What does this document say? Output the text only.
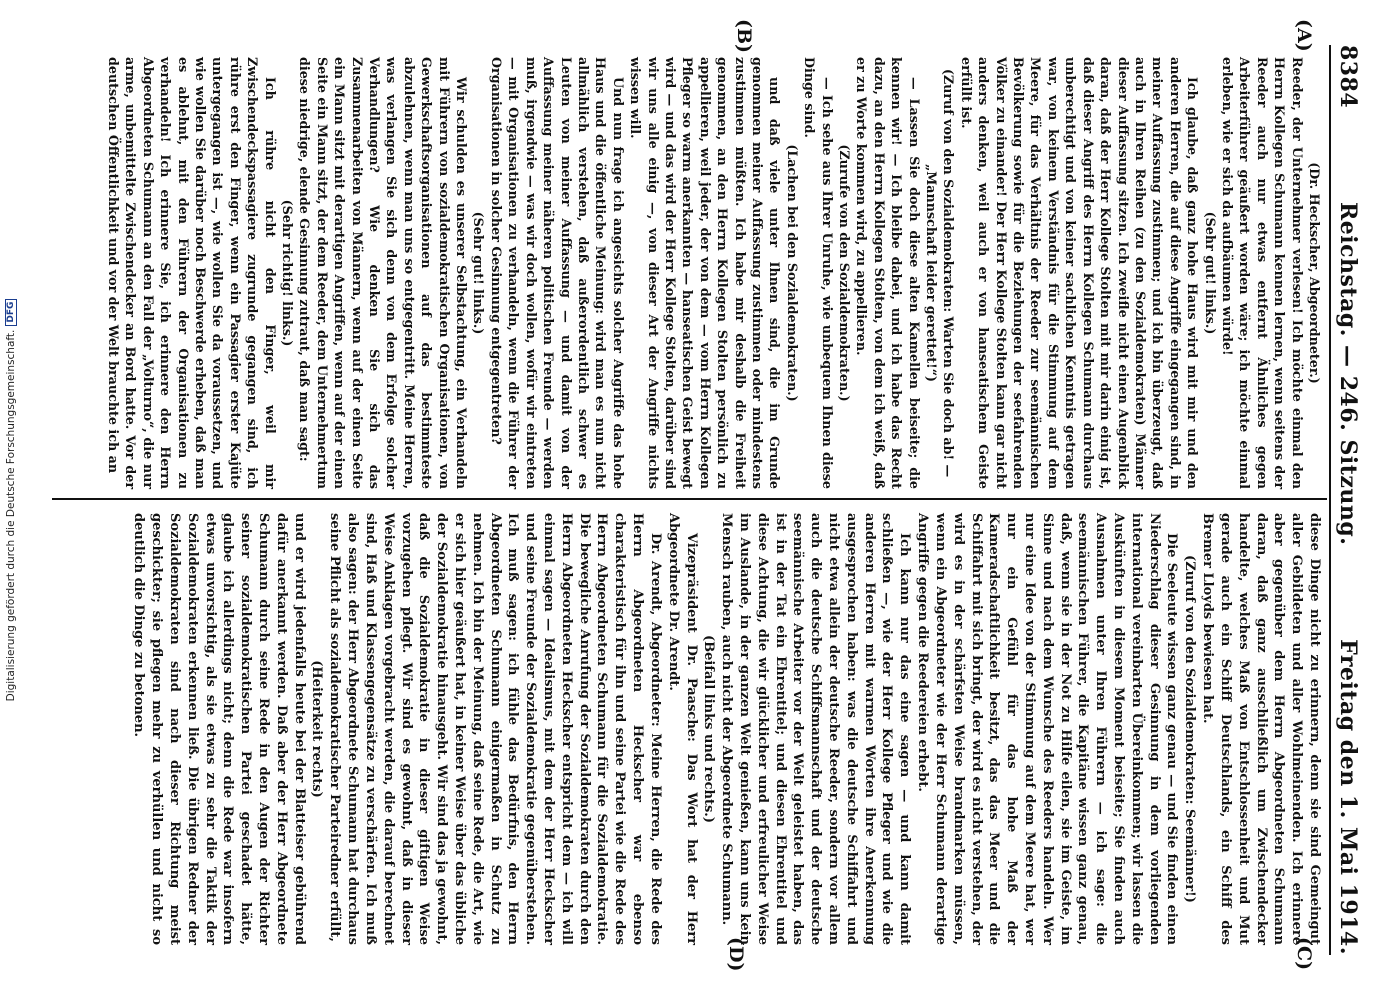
8384
Reichstag. — 246. Sitzung.
Freitag den 1. Mai 1914.
(A)
(B)
(C)
(D)

(Dr. Heckscher, Abgeordneter.)

Reeder, der Unternehmer verlesen! Ich möchte einmal den Herrn Kollegen Schumann kennen lernen, wenn seitens der Reeder auch nur etwas entfernt Ähnliches gegen Arbeiterführer geäußert worden wäre; ich möchte einmal erleben, wie er sich da aufbäumen würde!

(Sehr gut! links.)

Ich glaube, daß ganz hohe Haus wird mit mir und den anderen Herren, die auf diese Angriffe eingegangen sind, in meiner Auffassung zustimmen; und ich bin überzeugt, daß auch in Ihren Reihen (zu den Sozialdemokraten) Männer dieser Auffassung sitzen. Ich zweifle nicht einen Augenblick daran, daß der Herr Kollege Stolten mit mir darin einig ist, daß dieser Angriff des Herrn Kollegen Schumann durchaus unberechtigt und von keiner sachlichen Kenntnis getragen war, von keinem Verständnis für die Stimmung auf dem Meere, für das Verhältnis der Reeder zur seemännischen Bevölkerung sowie für die Beziehungen der seefahrenden Völker zu einander! Der Herr Kollege Stolten kann gar nicht anders denken, weil auch er von hanseatischem Geiste erfüllt ist.

(Zuruf von den Sozialdemokraten: Warten Sie doch ab! — „Mannschaft leider gerettet!“)

— Lassen Sie doch diese alten Kamellen beiseite; die kennen wir! — Ich bleibe dabei, und ich habe das Recht dazu, an den Herrn Kollegen Stolten, von dem ich weiß, daß er zu Worte kommen wird, zu appellieren.

(Zurufe von den Sozialdemokraten.)

— Ich sehe aus Ihrer Unruhe, wie unbequem Ihnen diese Dinge sind.

(Lachen bei den Sozialdemokraten.)

und daß viele unter Ihnen sind, die im Grunde genommen meiner Auffassung zustimmen oder mindestens zustimmen müßten. Ich habe mir deshalb die Freiheit genommen, an den Herrn Kollegen Stolten persönlich zu appellieren, weil jeder, der von dem — vom Herrn Kollegen Pfleger so warm anerkannten — hanseatischen Geist bewegt wird — und das wird der Herr Kollege Stolten, darüber sind wir uns alle einig —, von dieser Art der Angriffe nichts wissen will.

Und nun frage ich angesichts solcher Angriffe das hohe Haus und die öffentliche Meinung: wird man es nun nicht allmählich verstehen, daß außerordentlich schwer es Leuten von meiner Auffassung — und damit von der Auffassung meiner näheren politischen Freunde — werden muß, irgendwie — was wir doch wollen, wofür wir eintreten — mit Organisationen zu verhandeln, wenn die Führer der Organisationen in solcher Gesinnung entgegentreten?

(Sehr gut! links.)

Wir schulden es unserer Selbstachtung, ein Verhandeln mit Führern von sozialdemokratischen Organisationen, von Gewerkschaftsorganisationen auf das bestimmteste abzulehnen, wenn man uns so entgegentritt. Meine Herren, was verlangen Sie sich denn von dem Erfolge solcher Verhandlungen? Wie denken Sie sich das Zusammenarbeiten von Männern, wenn auf der einen Seite ein Mann sitzt mit derartigen Angriffen, wenn auf der einen Seite ein Mann sitzt, der dem Reeder, dem Unternehmertum diese niedrige, elende Gesinnung zutraut, daß man sagt:

(Sehr richtig! links.)

Ich rühre nicht den Finger, weil mir Zwischendeckspassagiere zugrunde gegangen sind, ich rühre erst den Finger, wenn ein Passagier erster Kajüte untergegangen ist —, wie wollen Sie da voraussetzen, und wie wollen Sie darüber noch Beschwerde erheben, daß man es ablehnt, mit den Führern der Organisationen zu verhandeln! Ich erinnere Sie, ich erinnere den Herrn Abgeordneten Schumann an den Fall der „Volturno“, die nur arme, unbemittelte Zwischendecker an Bord hatte. Vor der deutschen Öffentlichkeit und vor der Welt brauchte ich an

diese Dinge nicht zu erinnern, denn sie sind Gemeingut aller Gebildeten und aller Wohlmeinenden. Ich erinnere aber gegenüber dem Herrn Abgeordneten Schumann daran, daß ganz ausschließlich um Zwischendecker handelte, welches Maß von Entschlossenheit und Mut gerade auch ein Schiff Deutschlands, ein Schiff des Bremer Lloyds bewiesen hat.

(Zuruf von den Sozialdemokraten: Seemänner!)

Die Seeleute wissen ganz genau — und Sie finden einen Niederschlag dieser Gesinnung in dem vorliegenden international vereinbarten Übereinkommen; wir lassen die Auskünften in diesem Moment beiseite; Sie finden auch Ausnahmen unter Ihren Führern — ich sage: die seemännischen Führer, die Kapitäne wissen ganz genau, daß, wenn sie in der Not zu Hilfe eilen, sie im Geiste, im Sinne und nach dem Wunsche des Reeders handeln. Wer nur eine Idee von der Stimmung auf dem Meere hat, wer nur ein Gefühl für das hohe Maß der Kameradschaftlichkeit besitzt, das das Meer und die Schiffahrt mit sich bringt, der wird es nicht verstehen, der wird es in der schärfsten Weise brandmarken müssen, wenn ein Abgeordneter wie der Herr Schumann derartige Angriffe gegen die Reedereien erhebt.

Ich kann nur das eine sagen — und kann damit schließen —, wie der Herr Kollege Pfleger und wie die anderen Herren mit warmen Worten ihre Anerkennung ausgesprochen haben: was die deutsche Schiffahrt und nicht etwa allein der deutsche Reeder, sondern vor allem auch die deutsche Schiffsmannschaft und der deutsche seemännische Arbeiter vor der Welt geleistet haben, das ist in der Tat ein Ehrentitel; und diesen Ehrentitel und diese Achtung, die wir glücklicher und erfreulicher Weise im Auslande, in der ganzen Welt genießen, kann uns kein Mensch rauben, auch nicht der Abgeordnete Schumann.

(Beifall links und rechts.)

Vizepräsident Dr. Paasche: Das Wort hat der Herr Abgeordnete Dr. Arendt.

Dr. Arendt, Abgeordneter: Meine Herren, die Rede des Herrn Abgeordneten Heckscher war ebenso charakteristisch für ihn und seine Partei wie die Rede des Herrn Abgeordneten Schumann für die Sozialdemokratie. Die bewegliche Anrufung der Sozialdemokraten durch den Herrn Abgeordneten Heckscher entspricht dem — ich will einmal sagen — Idealismus, mit dem der Herr Heckscher und seine Freunde der Sozialdemokratie gegenüberstehen. Ich muß sagen: ich fühle das Bedürfnis, den Herrn Abgeordneten Schumann einigermaßen in Schutz zu nehmen. Ich bin der Meinung, daß seine Rede, die Art, wie er sich hier geäußert hat, in keiner Weise über das übliche der Sozialdemokratie hinausgeht. Wir sind das ja gewohnt, daß die Sozialdemokratie in dieser giftigen Weise vorzugehen pflegt. Wir sind es gewohnt, daß in dieser Weise Anklagen vorgebracht werden, die darauf berechnet sind, Haß und Klassengegensätze zu verschärfen. Ich muß also sagen: der Herr Abgeordnete Schumann hat durchaus seine Pflicht als sozialdemokratischer Parteiredner erfüllt,

(Heiterkeit rechts)

und er wird jedenfalls heute bei der Blatteiser gebührend dafür anerkannt werden. Daß aber der Herr Abgeordnete Schumann durch seine Rede in den Augen der Richter seiner sozialdemokratischen Partei geschadet hätte, glaube ich allerdings nicht; denn die Rede war insofern etwas unvorsichtig, als sie etwas zu sehr die Taktik der Sozialdemokraten erkennen ließ. Die übrigen Redner der Sozialdemokraten sind nach dieser Richtung meist geschickter; sie pflegen mehr zu verhüllen und nicht so deutlich die Dinge zu betonen.

Digitalisierung gefördert durch die Deutsche Forschungsgemeinschaft.
DFG
